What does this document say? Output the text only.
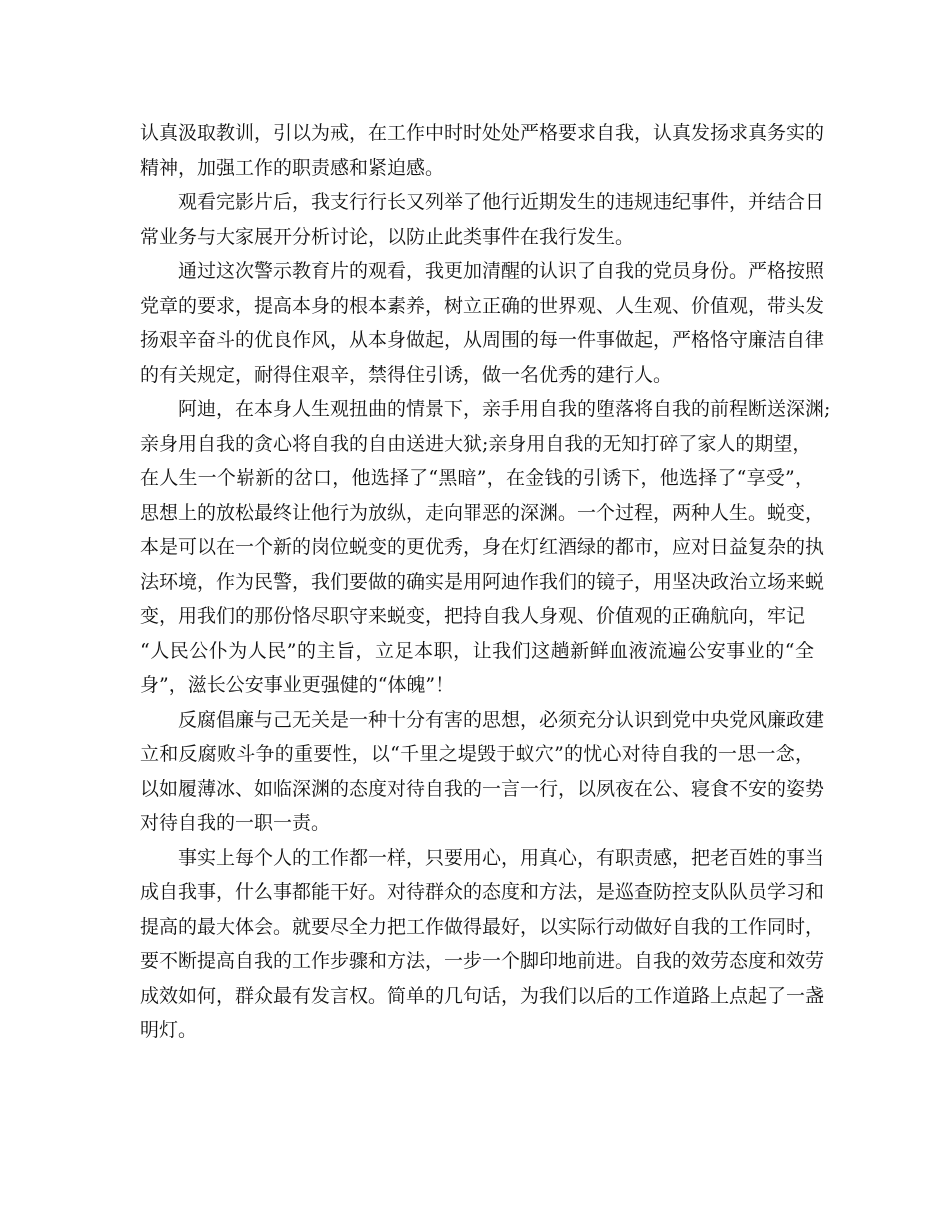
认真汲取教训，引以为戒，在工作中时时处处严格要求自我，认真发扬求真务实的
精神，加强工作的职责感和紧迫感。
观看完影片后，我支行行长又列举了他行近期发生的违规违纪事件，并结合日
常业务与大家展开分析讨论，以防止此类事件在我行发生。
通过这次警示教育片的观看，我更加清醒的认识了自我的党员身份。严格按照
党章的要求，提高本身的根本素养，树立正确的世界观、人生观、价值观，带头发
扬艰辛奋斗的优良作风，从本身做起，从周围的每一件事做起，严格恪守廉洁自律
的有关规定，耐得住艰辛，禁得住引诱，做一名优秀的建行人。
阿迪，在本身人生观扭曲的情景下，亲手用自我的堕落将自我的前程断送深渊;
亲身用自我的贪心将自我的自由送进大狱;亲身用自我的无知打碎了家人的期望，
在人生一个崭新的岔口，他选择了“黑暗”，在金钱的引诱下，他选择了“享受”，
思想上的放松最终让他行为放纵，走向罪恶的深渊。一个过程，两种人生。蜕变，
本是可以在一个新的岗位蜕变的更优秀，身在灯红酒绿的都市，应对日益复杂的执
法环境，作为民警，我们要做的确实是用阿迪作我们的镜子，用坚决政治立场来蜕
变，用我们的那份恪尽职守来蜕变，把持自我人身观、价值观的正确航向，牢记
“人民公仆为人民”的主旨，立足本职，让我们这趟新鲜血液流遍公安事业的“全
身”，滋长公安事业更强健的“体魄”！
反腐倡廉与己无关是一种十分有害的思想，必须充分认识到党中央党风廉政建
立和反腐败斗争的重要性，以“千里之堤毁于蚁穴”的忧心对待自我的一思一念，
以如履薄冰、如临深渊的态度对待自我的一言一行，以夙夜在公、寝食不安的姿势
对待自我的一职一责。
事实上每个人的工作都一样，只要用心，用真心，有职责感，把老百姓的事当
成自我事，什么事都能干好。对待群众的态度和方法，是巡查防控支队队员学习和
提高的最大体会。就要尽全力把工作做得最好，以实际行动做好自我的工作同时，
要不断提高自我的工作步骤和方法，一步一个脚印地前进。自我的效劳态度和效劳
成效如何，群众最有发言权。简单的几句话，为我们以后的工作道路上点起了一盏
明灯。
